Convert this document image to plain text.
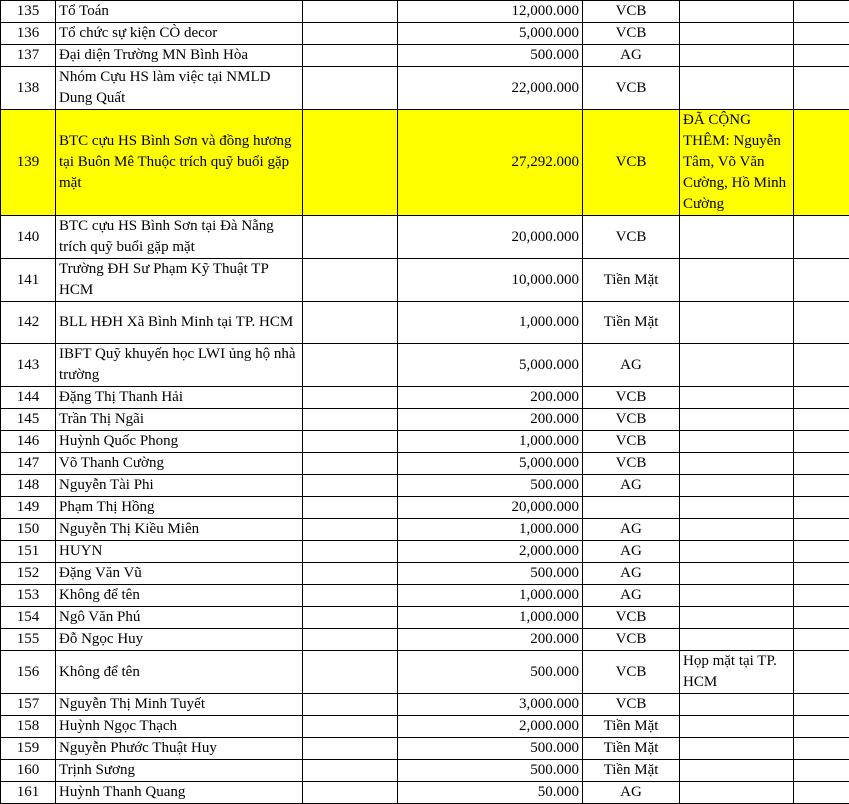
135	Tổ Toán		12,000.000	VCB		
136	Tổ chức sự kiện CÒ decor		5,000.000	VCB		
137	Đại diện Trường MN Bình Hòa		500.000	AG		
138	Nhóm Cựu HS làm việc tại NMLD Dung Quất		22,000.000	VCB		
139	BTC cựu HS Bình Sơn và đồng hương tại Buôn Mê Thuộc trích quỹ buổi gặp mặt		27,292.000	VCB	ĐÃ CỘNG THÊM: Nguyễn Tâm, Võ Văn Cường, Hồ Minh Cường	
140	BTC cựu HS Bình Sơn tại Đà Nẵng trích quỹ buổi gặp mặt		20,000.000	VCB		
141	Trường ĐH Sư Phạm Kỹ Thuật TP HCM		10,000.000	Tiền Mặt		
142	BLL HĐH Xã Bình Minh tại TP. HCM		1,000.000	Tiền Mặt		
143	IBFT Quỹ khuyến học LWI ủng hộ nhà trường		5,000.000	AG		
144	Đặng Thị Thanh Hải		200.000	VCB		
145	Trần Thị Ngãi		200.000	VCB		
146	Huỳnh Quốc Phong		1,000.000	VCB		
147	Võ Thanh Cường		5,000.000	VCB		
148	Nguyễn Tài Phi		500.000	AG		
149	Phạm Thị Hồng		20,000.000			
150	Nguyễn Thị Kiều Miên		1,000.000	AG		
151	HUYN		2,000.000	AG		
152	Đặng Văn Vũ		500.000	AG		
153	Không để tên		1,000.000	AG		
154	Ngô Văn Phú		1,000.000	VCB		
155	Đỗ Ngọc Huy		200.000	VCB		
156	Không để tên		500.000	VCB	Họp mặt tại TP. HCM	
157	Nguyễn Thị Minh Tuyết		3,000.000	VCB		
158	Huỳnh Ngọc Thạch		2,000.000	Tiền Mặt		
159	Nguyễn Phước Thuật Huy		500.000	Tiền Mặt		
160	Trịnh Sương		500.000	Tiền Mặt		
161	Huỳnh Thanh Quang		50.000	AG		
